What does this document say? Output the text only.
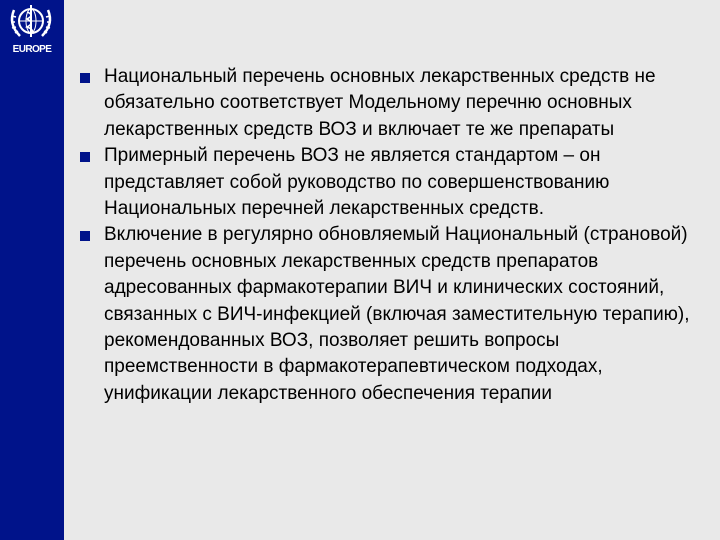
EUROPE
Национальный перечень основных лекарственных средств не обязательно соответствует Модельному перечню основных лекарственных средств ВОЗ и включает те же препараты
Примерный перечень ВОЗ не является стандартом – он представляет собой руководство по совершенствованию Национальных перечней лекарственных средств.
Включение в регулярно обновляемый Национальный (страновой) перечень основных лекарственных средств препаратов адресованных фармакотерапии ВИЧ и клинических состояний, связанных с ВИЧ‑инфекцией (включая заместительную терапию), рекомендованных ВОЗ, позволяет решить вопросы преемственности в фармакотерапевтическом подходах, унификации лекарственного обеспечения терапии
